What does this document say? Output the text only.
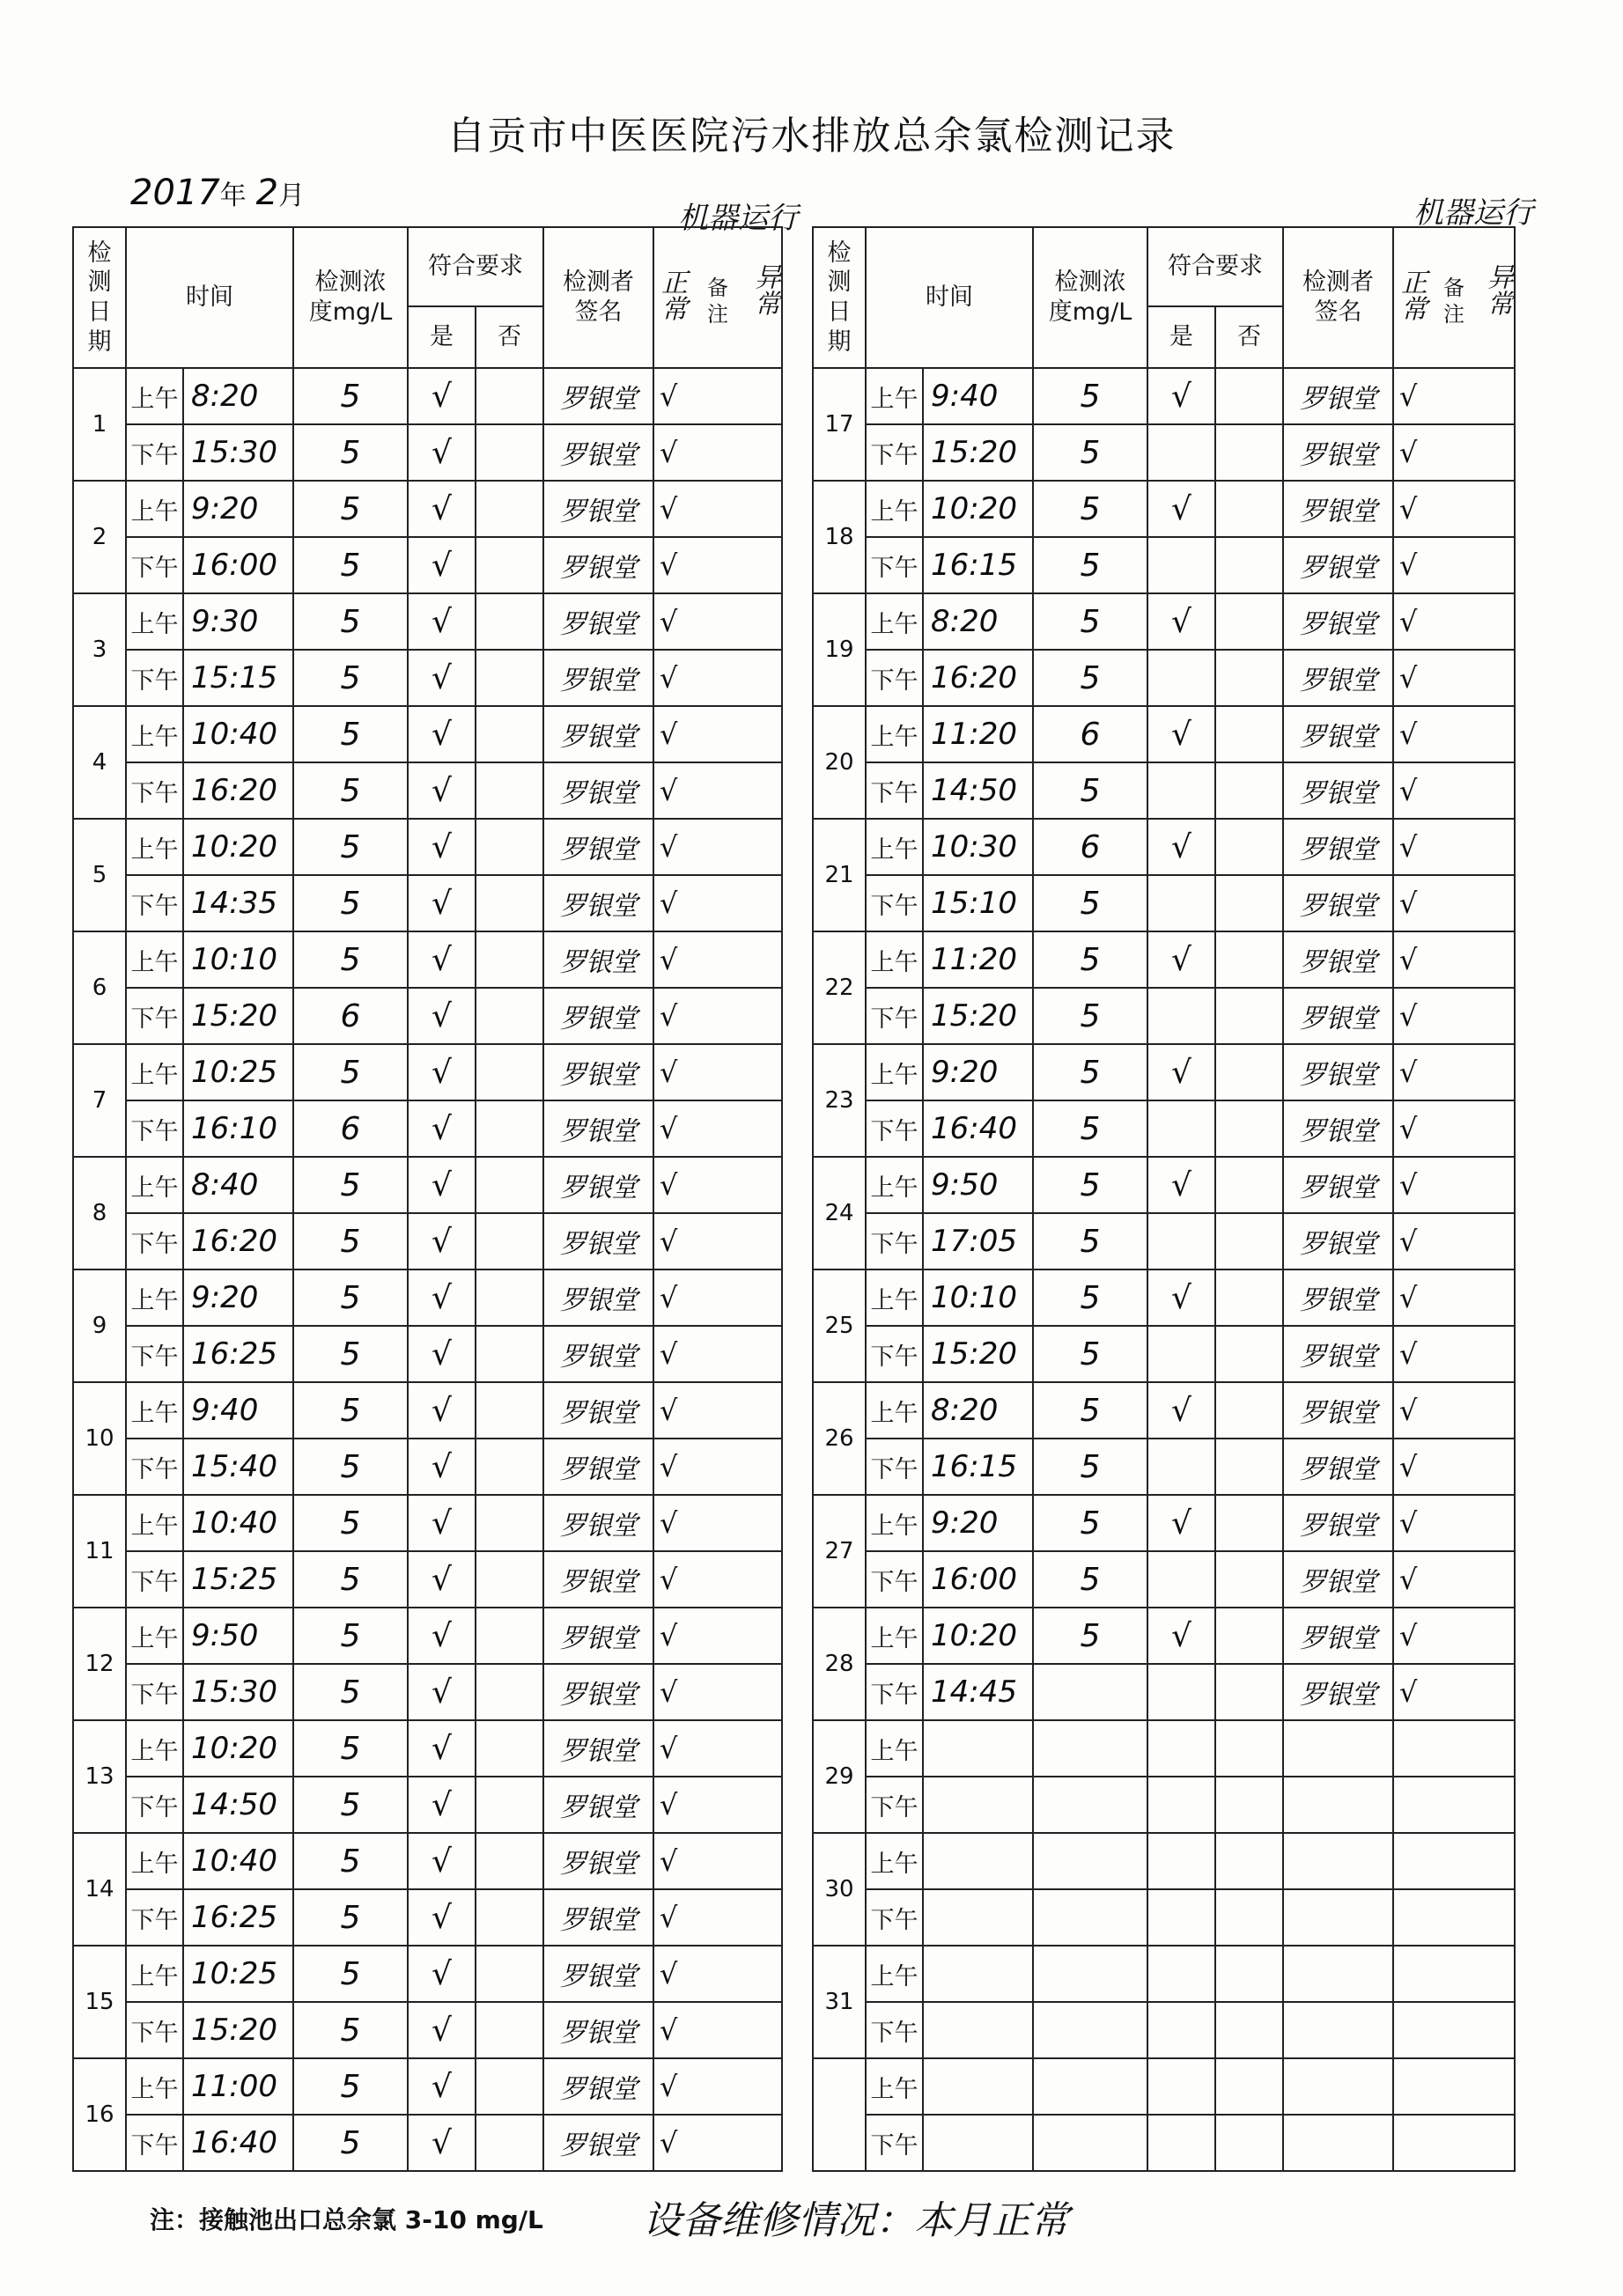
自贡市中医医院污水排放总余氯检测记录
2017年 2月
机器运行	机器运行
检
测
日
期	时间		检测浓
度mg/L	符合要求		检测者
签名	正常 备
注 异常

				是	否		
1	上午	8:20	5	√		罗银堂	√
	下午	15:30	5	√		罗银堂	√
2	上午	9:20	5	√		罗银堂	√
	下午	16:00	5	√		罗银堂	√
3	上午	9:30	5	√		罗银堂	√
	下午	15:15	5	√		罗银堂	√
4	上午	10:40	5	√		罗银堂	√
	下午	16:20	5	√		罗银堂	√
5	上午	10:20	5	√		罗银堂	√
	下午	14:35	5	√		罗银堂	√
6	上午	10:10	5	√		罗银堂	√
	下午	15:20	6	√		罗银堂	√
7	上午	10:25	5	√		罗银堂	√
	下午	16:10	6	√		罗银堂	√
8	上午	8:40	5	√		罗银堂	√
	下午	16:20	5	√		罗银堂	√
9	上午	9:20	5	√		罗银堂	√
	下午	16:25	5	√		罗银堂	√
10	上午	9:40	5	√		罗银堂	√
	下午	15:40	5	√		罗银堂	√
11	上午	10:40	5	√		罗银堂	√
	下午	15:25	5	√		罗银堂	√
12	上午	9:50	5	√		罗银堂	√
	下午	15:30	5	√		罗银堂	√
13	上午	10:20	5	√		罗银堂	√
	下午	14:50	5	√		罗银堂	√
14	上午	10:40	5	√		罗银堂	√
	下午	16:25	5	√		罗银堂	√
15	上午	10:25	5	√		罗银堂	√
	下午	15:20	5	√		罗银堂	√
16	上午	11:00	5	√		罗银堂	√
	下午	16:40	5	√		罗银堂	√
检
测
日
期	时间		检测浓
度mg/L	符合要求		检测者
签名	正常 备
注 异常

				是	否		
17	上午	9:40	5	√		罗银堂	√
	下午	15:20	5			罗银堂	√
18	上午	10:20	5	√		罗银堂	√
	下午	16:15	5			罗银堂	√
19	上午	8:20	5	√		罗银堂	√
	下午	16:20	5			罗银堂	√
20	上午	11:20	6	√		罗银堂	√
	下午	14:50	5			罗银堂	√
21	上午	10:30	6	√		罗银堂	√
	下午	15:10	5			罗银堂	√
22	上午	11:20	5	√		罗银堂	√
	下午	15:20	5			罗银堂	√
23	上午	9:20	5	√		罗银堂	√
	下午	16:40	5			罗银堂	√
24	上午	9:50	5	√		罗银堂	√
	下午	17:05	5			罗银堂	√
25	上午	10:10	5	√		罗银堂	√
	下午	15:20	5			罗银堂	√
26	上午	8:20	5	√		罗银堂	√
	下午	16:15	5			罗银堂	√
27	上午	9:20	5	√		罗银堂	√
	下午	16:00	5			罗银堂	√
28	上午	10:20	5	√		罗银堂	√
	下午	14:45				罗银堂	√
29	上午						
	下午						
30	上午						
	下午						
31	上午						
	下午						
	上午						
	下午						
注：接触池出口总余氯 3-10 mg/L	设备维修情况：本月正常
